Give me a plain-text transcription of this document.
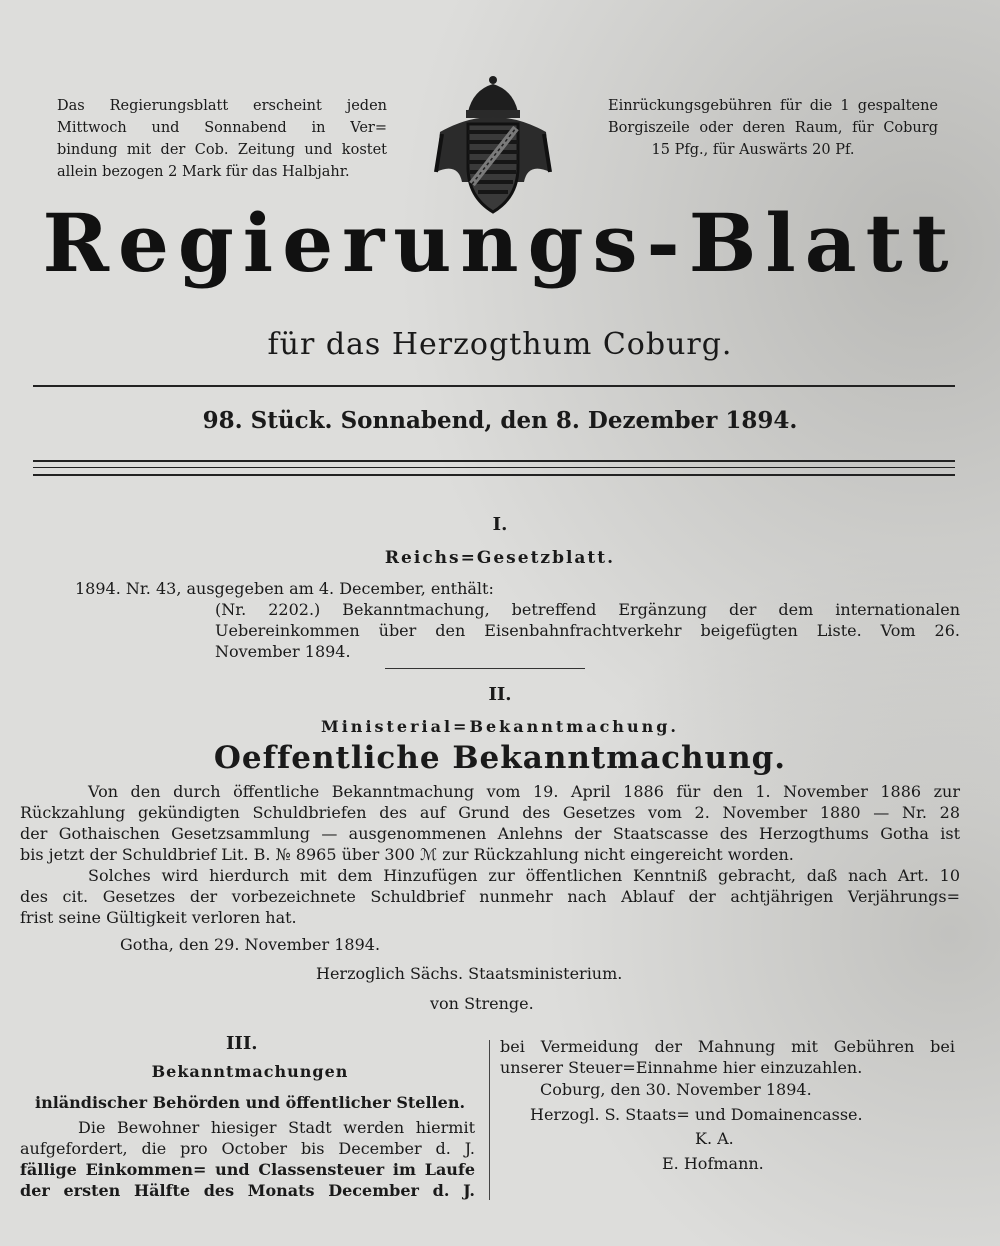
Das Regierungsblatt erscheint jeden
Mittwoch und Sonnabend in Ver=
bindung mit der Cob. Zeitung und kostet
allein bezogen 2 Mark für das Halbjahr.
Einrückungsgebühren für die 1 gespaltene
Borgiszeile oder deren Raum, für Coburg
15 Pfg., für Auswärts 20 Pf.
Regierungs-Blatt
für das Herzogthum Coburg.
98. Stück. Sonnabend, den 8. Dezember 1894.
I.
Reichs=Gesetzblatt.
1894. Nr. 43, ausgegeben am 4. December, enthält:
(Nr. 2202.) Bekanntmachung, betreffend Ergänzung der dem internationalen
Uebereinkommen über den Eisenbahnfrachtverkehr beigefügten Liste. Vom 26.
November 1894.
II.
Ministerial=Bekanntmachung.
Oeffentliche Bekanntmachung.
Von den durch öffentliche Bekanntmachung vom 19. April 1886 für den 1. November 1886 zur
Rückzahlung gekündigten Schuldbriefen des auf Grund des Gesetzes vom 2. November 1880 — Nr. 28
der Gothaischen Gesetzsammlung — ausgenommenen Anlehns der Staatscasse des Herzogthums Gotha ist
bis jetzt der Schuldbrief Lit. B. № 8965 über 300 ℳ zur Rückzahlung nicht eingereicht worden.
Solches wird hierdurch mit dem Hinzufügen zur öffentlichen Kenntniß gebracht, daß nach Art. 10
des cit. Gesetzes der vorbezeichnete Schuldbrief nunmehr nach Ablauf der achtjährigen Verjährungs=
frist seine Gültigkeit verloren hat.
Gotha, den 29. November 1894.
Herzoglich Sächs. Staatsministerium.
von Strenge.
III.
Bekanntmachungen
inländischer Behörden und öffentlicher Stellen.
Die Bewohner hiesiger Stadt werden hiermit
aufgefordert, die pro October bis December d. J.
fällige Einkommen= und Classensteuer im Laufe
der ersten Hälfte des Monats December d. J.
bei Vermeidung der Mahnung mit Gebühren bei
unserer Steuer=Einnahme hier einzuzahlen.
Coburg, den 30. November 1894.
Herzogl. S. Staats= und Domainencasse.
K. A.
E. Hofmann.
